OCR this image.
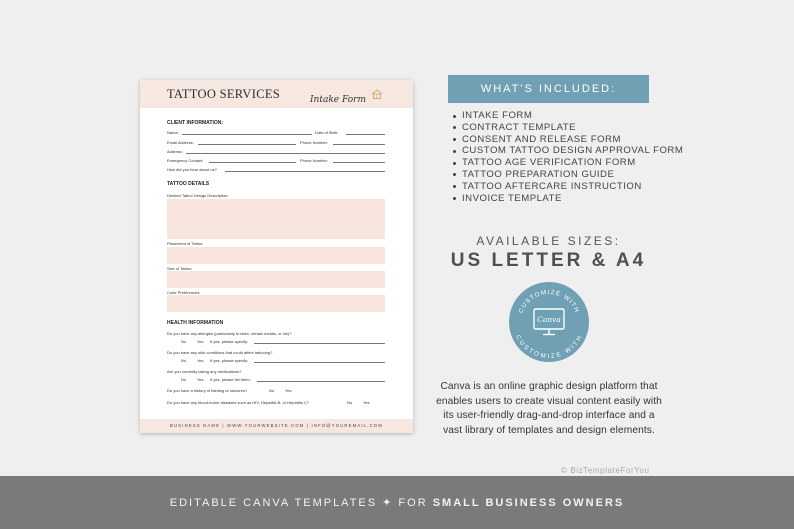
TATTOO SERVICES	Intake Form
CLIENT INFORMATION:
Name:	Date of Birth:
Email Address:	Phone Number:
Address:
Emergency Contact:	Phone Number:
How did you hear about us?
TATTOO DETAILS
Desired Tattoo Design Description:
Placement of Tattoo:
Size of Tattoo:
Color Preferences:
HEALTH INFORMATION
Do you have any allergies (particularly to latex, certain metals, or ink)?
No	Yes If yes, please specify:
Do you have any skin conditions that could affect tattooing?
No	Yes If yes, please specify:
Are you currently taking any medications?
No	Yes If yes, please list them:
Do you have a history of fainting or seizures?	No	Yes
Do you have any blood-borne diseases such as HIV, Hepatitis B, or Hepatitis C?	No	Yes
BUSINESS NAME | WWW.YOURWEBSITE.COM | INFO@YOUREMAIL.COM
WHAT'S INCLUDED:
INTAKE FORM
CONTRACT TEMPLATE
CONSENT AND RELEASE FORM
CUSTOM TATTOO DESIGN APPROVAL FORM
TATTOO AGE VERIFICATION FORM
TATTOO PREPARATION GUIDE
TATTOO AFTERCARE INSTRUCTION
INVOICE TEMPLATE
AVAILABLE SIZES:
US LETTER & A4
CUSTOMIZE WITH
CUSTOMIZE WITH
Canva
Canva is an online graphic design platform that enables users to create visual content easily with its user-friendly drag-and-drop interface and a vast library of templates and design elements.
© BizTemplateForYou
EDITABLE CANVA TEMPLATES ✦ FOR SMALL BUSINESS OWNERS
